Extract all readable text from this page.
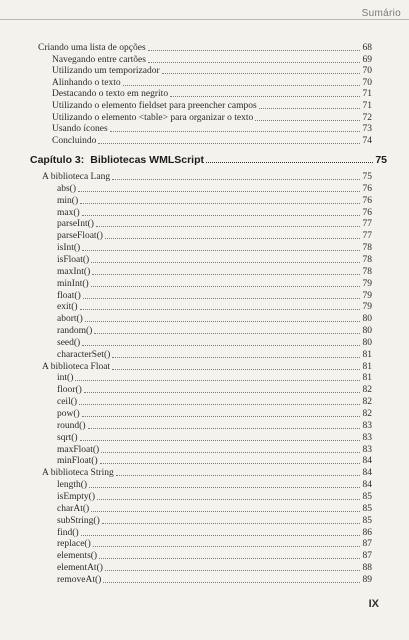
Sumário
Criando uma lista de opções	68
Navegando entre cartões	69
Utilizando um temporizador	70
Alinhando o texto	70
Destacando o texto em negrito	71
Utilizando o elemento fieldset para preencher campos	71
Utilizando o elemento <table> para organizar o texto	72
Usando ícones	73
Concluindo	74
Capítulo 3: Bibliotecas WMLScript	75
A biblioteca Lang	75
abs()	76
min()	76
max()	76
parseInt()	77
parseFloat()	77
isInt()	78
isFloat()	78
maxInt()	78
minInt()	79
float()	79
exit()	79
abort()	80
random()	80
seed()	80
characterSet()	81
A biblioteca Float	81
int()	81
floor()	82
ceil()	82
pow()	82
round()	83
sqrt()	83
maxFloat()	83
minFloat()	84
A biblioteca String	84
length()	84
isEmpty()	85
charAt()	85
subString()	85
find()	86
replace()	87
elements()	87
elementAt()	88
removeAt()	89
IX
